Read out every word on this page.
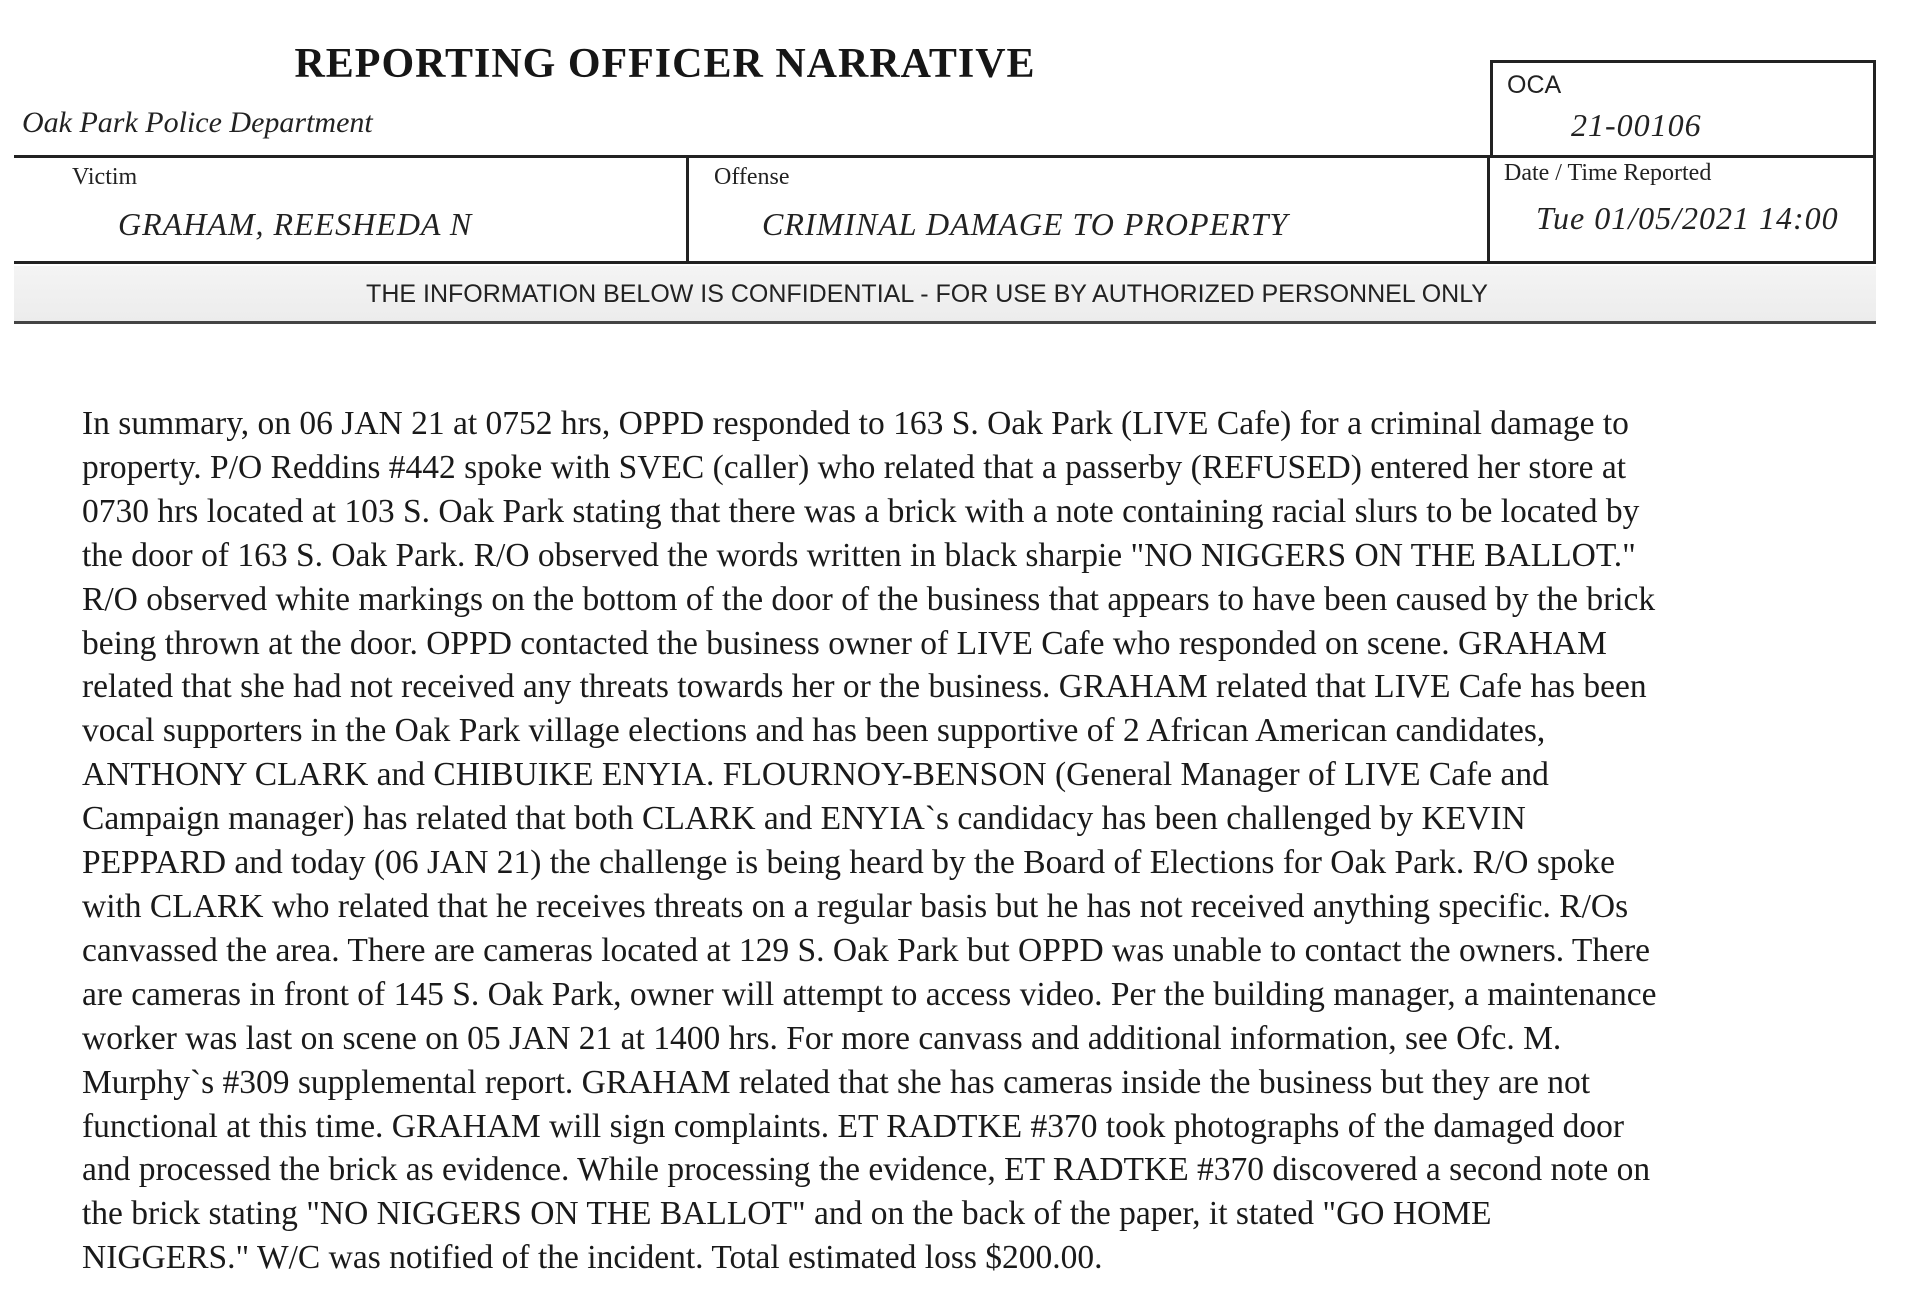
REPORTING OFFICER NARRATIVE
Oak Park Police Department
OCA
21-00106
Victim
GRAHAM, REESHEDA N
Offense
CRIMINAL DAMAGE TO PROPERTY
Date / Time Reported
Tue 01/05/2021 14:00
THE INFORMATION BELOW IS CONFIDENTIAL - FOR USE BY AUTHORIZED PERSONNEL ONLY
In summary, on 06 JAN 21 at 0752 hrs, OPPD responded to 163 S. Oak Park (LIVE Cafe) for a criminal damage to
property. P/O Reddins #442 spoke with SVEC (caller) who related that a passerby (REFUSED) entered her store at
0730 hrs located at 103 S. Oak Park stating that there was a brick with a note containing racial slurs to be located by
the door of 163 S. Oak Park. R/O observed the words written in black sharpie "NO NIGGERS ON THE BALLOT."
R/O observed white markings on the bottom of the door of the business that appears to have been caused by the brick
being thrown at the door. OPPD contacted the business owner of LIVE Cafe who responded on scene. GRAHAM
related that she had not received any threats towards her or the business. GRAHAM related that LIVE Cafe has been
vocal supporters in the Oak Park village elections and has been supportive of 2 African American candidates,
ANTHONY CLARK and CHIBUIKE ENYIA. FLOURNOY-BENSON (General Manager of LIVE Cafe and
Campaign manager) has related that both CLARK and ENYIA`s candidacy has been challenged by KEVIN
PEPPARD and today (06 JAN 21) the challenge is being heard by the Board of Elections for Oak Park. R/O spoke
with CLARK who related that he receives threats on a regular basis but he has not received anything specific. R/Os
canvassed the area. There are cameras located at 129 S. Oak Park but OPPD was unable to contact the owners. There
are cameras in front of 145 S. Oak Park, owner will attempt to access video. Per the building manager, a maintenance
worker was last on scene on 05 JAN 21 at 1400 hrs. For more canvass and additional information, see Ofc. M.
Murphy`s #309 supplemental report. GRAHAM related that she has cameras inside the business but they are not
functional at this time. GRAHAM will sign complaints. ET RADTKE #370 took photographs of the damaged door
and processed the brick as evidence. While processing the evidence, ET RADTKE #370 discovered a second note on
the brick stating "NO NIGGERS ON THE BALLOT" and on the back of the paper, it stated "GO HOME
NIGGERS." W/C was notified of the incident. Total estimated loss $200.00.
